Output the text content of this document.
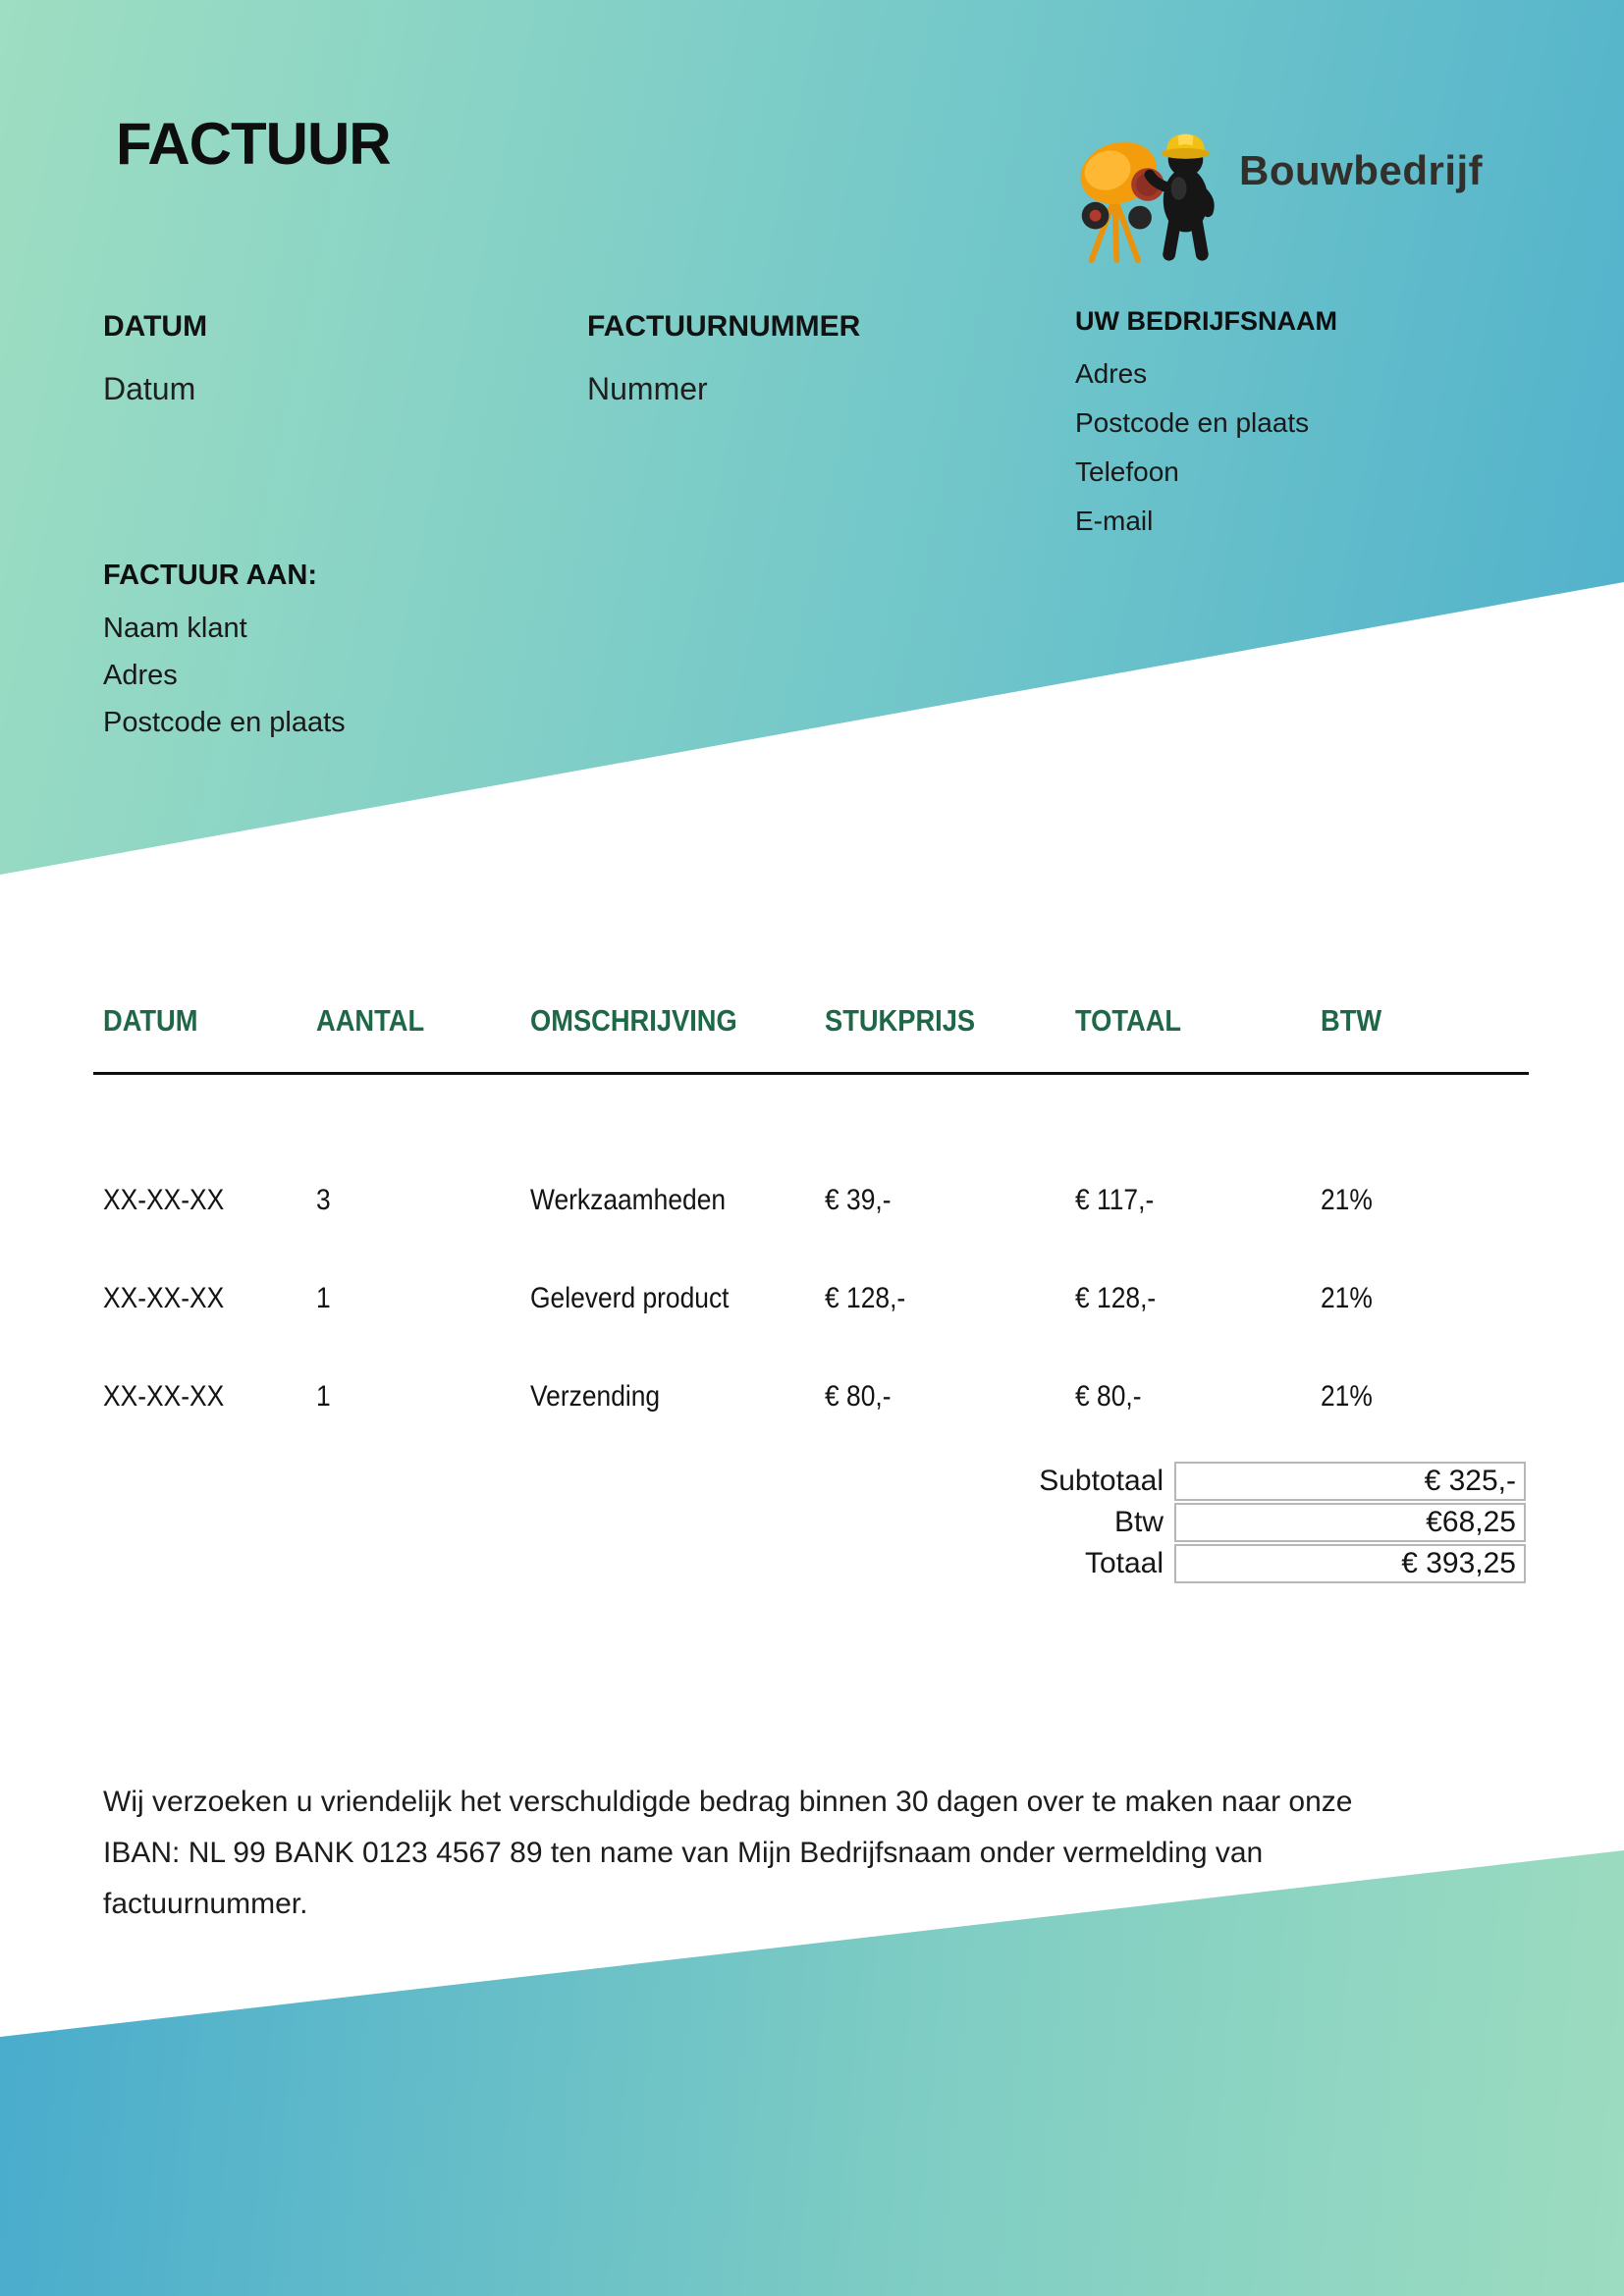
FACTUUR	Bouwbedrijf
DATUM
Datum
FACTUURNUMMER
Nummer
UW BEDRIJFSNAAM
Adres
Postcode en plaats
Telefoon
E-mail
FACTUUR AAN:
Naam klant
Adres
Postcode en plaats
DATUM	AANTAL	OMSCHRIJVING	STUKPRIJS	TOTAAL	BTW
XX-XX-XX	3	Werkzaamheden	€ 39,-	€ 117,-	21%
XX-XX-XX	1	Geleverd product	€ 128,-	€ 128,-	21%
XX-XX-XX	1	Verzending	€ 80,-	€ 80,-	21%
Subtotaal	€ 325,-
Btw	€68,25
Totaal	€ 393,25
Wij verzoeken u vriendelijk het verschuldigde bedrag binnen 30 dagen over te maken naar onze
IBAN: NL 99 BANK 0123 4567 89 ten name van Mijn Bedrijfsnaam onder vermelding van
factuurnummer.
